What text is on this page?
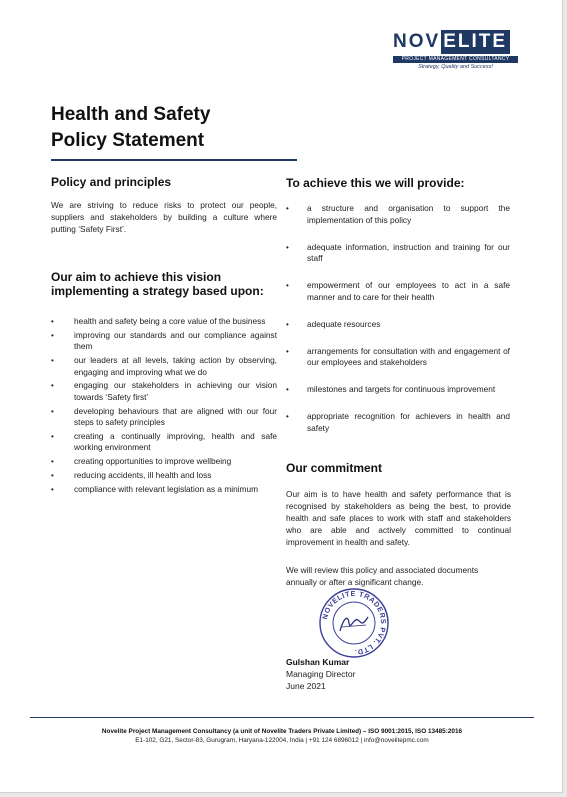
NOV ELITE
PROJECT MANAGEMENT CONSULTANCY
Strategy, Quality and Success!
Health and Safety
Policy Statement
Policy and principles

We are striving to reduce risks to protect our people, suppliers and stakeholders by building a culture where putting ‘Safety First’.

Our aim to achieve this vision implementing a strategy based upon:
• health and safety being a core value of the business
• improving our standards and our compliance against them
• our leaders at all levels, taking action by observing, engaging and improving what we do
• engaging our stakeholders in achieving our vision towards ‘Safety first’
• developing behaviours that are aligned with our four steps to safety principles
• creating a continually improving, health and safe working environment
• creating opportunities to improve wellbeing
• reducing accidents, ill health and loss
• compliance with relevant legislation as a minimum
To achieve this we will provide:
• a structure and organisation to support the implementation of this policy
• adequate information, instruction and training for our staff
• empowerment of our employees to act in a safe manner and to care for their health
• adequate resources
• arrangements for consultation with and engagement of our employees and stakeholders
• milestones and targets for continuous improvement
• appropriate recognition for achievers in health and safety
Our commitment

Our aim is to have health and safety performance that is recognised by stakeholders as being the best, to provide health and safe places to work with staff and stakeholders who are able and actively committed to continual improvement in health and safety.

We will review this policy and associated documents annually or after a significant change.

NOVELITE TRADERS PVT. LTD.
Gulshan Kumar
Managing Director
June 2021
Novelite Project Management Consultancy (a unit of Novelite Traders Private Limited) – ISO 9001:2015, ISO 13485:2016
E1-102, G21, Sector-83, Gurugram, Haryana-122004, India | +91 124 6896012 | info@novelitepmc.com
